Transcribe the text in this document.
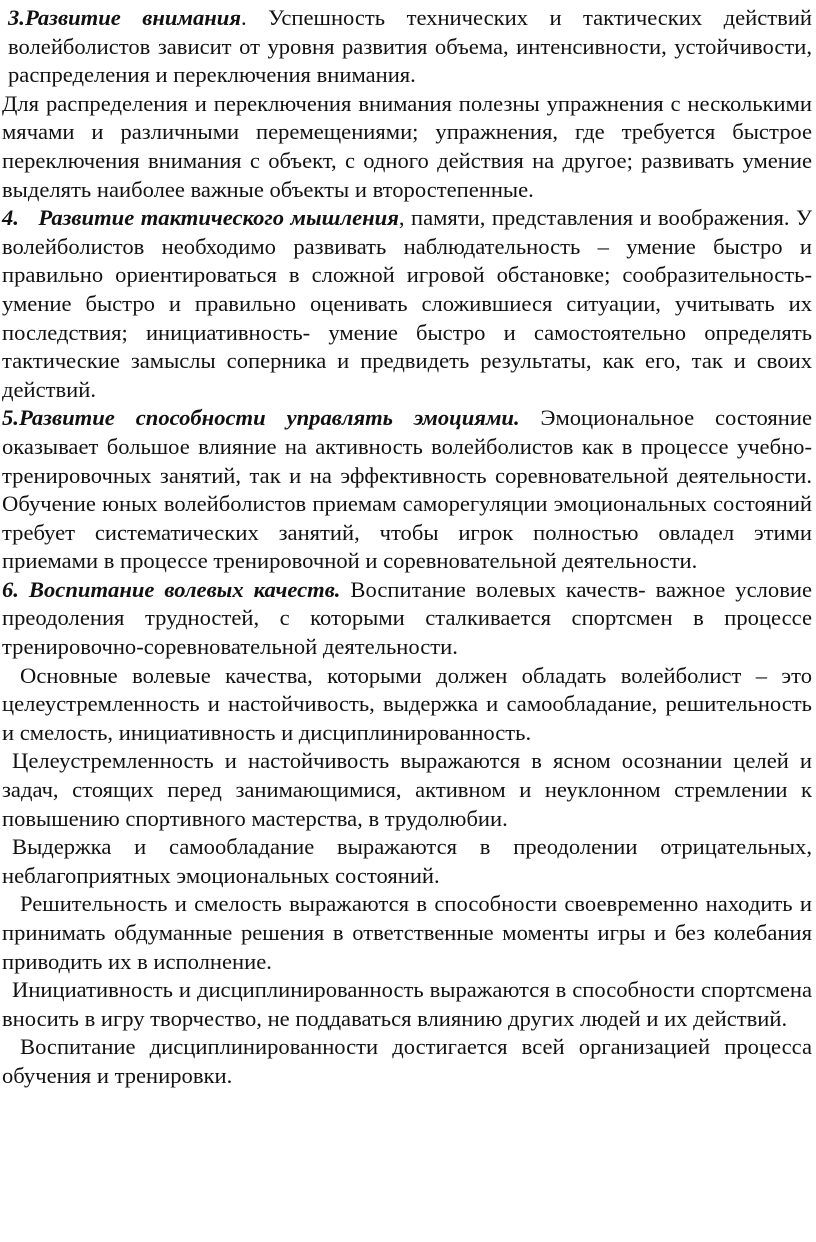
3.Развитие внимания. Успешность технических и тактических действий волейболистов зависит от уровня развития объема, интенсивности, устойчивости, распределения и переключения внимания.

Для распределения и переключения внимания полезны упражнения с несколькими мячами и различными перемещениями; упражнения, где требуется быстрое переключения внимания с объект, с одного действия на другое; развивать умение выделять наиболее важные объекты и второстепенные.

4.   Развитие тактического мышления, памяти, представления и воображения. У волейболистов необходимо развивать наблюдательность – умение быстро и правильно ориентироваться в сложной игровой обстановке; сообразительность- умение быстро и правильно оценивать сложившиеся ситуации, учитывать их последствия; инициативность- умение быстро и самостоятельно определять тактические замыслы соперника и предвидеть результаты, как его, так и своих действий.

5.Развитие способности управлять эмоциями. Эмоциональное состояние оказывает большое влияние на активность волейболистов как в процессе учебно-тренировочных занятий, так и на эффективность соревновательной деятельности. Обучение юных волейболистов приемам саморегуляции эмоциональных состояний требует систематических занятий, чтобы игрок полностью овладел этими приемами в процессе тренировочной и соревновательной деятельности.

6. Воспитание волевых качеств. Воспитание волевых качеств- важное условие преодоления трудностей, с которыми сталкивается спортсмен в процессе тренировочно-соревновательной деятельности.

Основные волевые качества, которыми должен обладать волейболист – это целеустремленность и настойчивость, выдержка и самообладание, решительность и смелость, инициативность и дисциплинированность.

Целеустремленность и настойчивость выражаются в ясном осознании целей и задач, стоящих перед занимающимися, активном и неуклонном стремлении к повышению спортивного мастерства, в трудолюбии.

Выдержка и самообладание выражаются в преодолении отрицательных, неблагоприятных эмоциональных состояний.

Решительность и смелость выражаются в способности своевременно находить и принимать обдуманные решения в ответственные моменты игры и без колебания приводить их в исполнение.

Инициативность и дисциплинированность выражаются в способности спортсмена вносить в игру творчество, не поддаваться влиянию других людей и их действий.

Воспитание дисциплинированности достигается всей организацией процесса обучения и тренировки.
